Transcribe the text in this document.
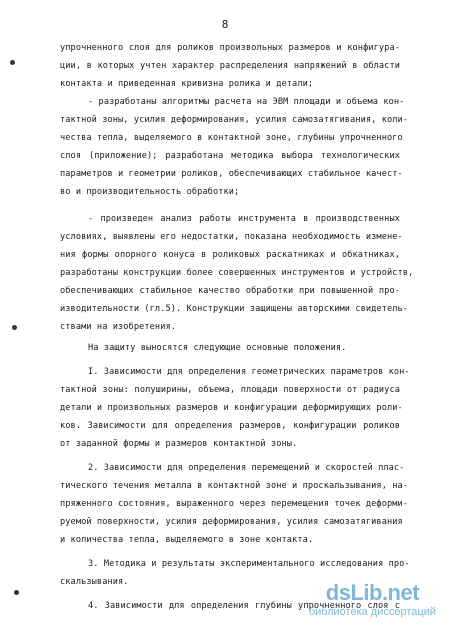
8
упрочненного слоя для роликов произвольных размеров и конфигура-
ции, в которых учтен характер распределения напряжений в области
контакта и приведенная кривизна ролика и детали;
- разработаны алгоритмы расчета на ЭВМ площади и объема кон-
тактной зоны, усилия деформирования, усилия самозатягивания, коли-
чества тепла, выделяемого в контактной зоне, глубины упрочненного
слоя (приложение); разработана методика выбора технологических
параметров и геометрии роликов, обеспечивающих стабильное качест-
во и производительность обработки;
- произведен анализ работы инструмента в производственных
условиях, выявлены его недостатки, показана необходимость измене-
ния формы опорного конуса в роликовых раскатниках и обкатниках,
разработаны конструкции более совершенных инструментов и устройств,
обеспечивающих стабильное качество обработки при повышенной про-
изводительности (гл.5). Конструкции защищены авторскими свидетель-
ствами на изобретения.
На защиту выносятся следующие основные положения.
I. Зависимости для определения геометрических параметров кон-
тактной зоны: полуширины, объема, площади поверхности от радиуса
детали и произвольных размеров и конфигурации деформирующих роли-
ков. Зависимости для определения размеров, конфигурации роликов
от заданной формы и размеров контактной зоны.
2. Зависимости для определения перемещений и скоростей плас-
тического течения металла в контактной зоне и проскальзывания, на-
пряженного состояния, выраженного через перемещения точек деформи-
руемой поверхности, усилия деформирования, усилия самозатягивания
и количества тепла, выделяемого в зоне контакта.
3. Методика и результаты экспериментального исследования про-
скальзывания.
4. Зависимости для определения глубины упрочненного слоя с
dsLib.net
библиотека диссертаций
